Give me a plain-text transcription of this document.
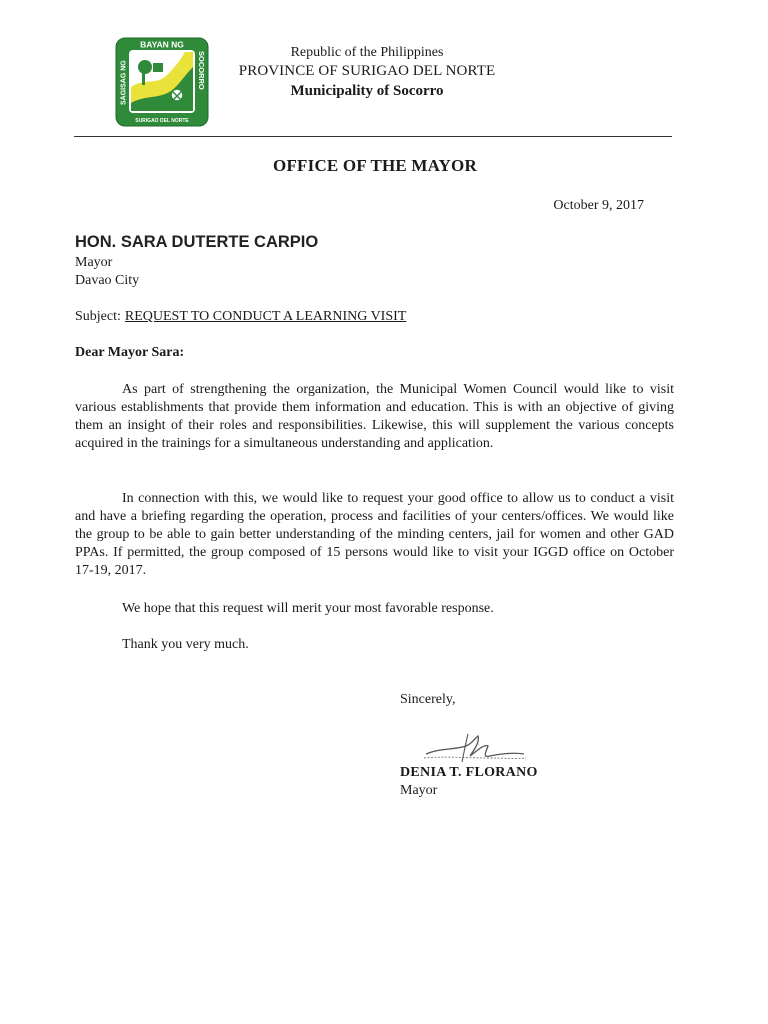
BAYAN NG
SURIGAO DEL NORTE
SAGISAG NG	SOCORRO	Republic of the Philippines
PROVINCE OF SURIGAO DEL NORTE
Municipality of Socorro
OFFICE OF THE MAYOR
October 9, 2017
HON. SARA DUTERTE CARPIO
Mayor
Davao City
Subject: REQUEST TO CONDUCT A LEARNING VISIT
Dear Mayor Sara:

As part of strengthening the organization, the Municipal Women Council would like to visit various establishments that provide them information and education. This is with an objective of giving them an insight of their roles and responsibilities. Likewise, this will supplement the various concepts acquired in the trainings for a simultaneous understanding and application.

In connection with this, we would like to request your good office to allow us to conduct a visit and have a briefing regarding the operation, process and facilities of your centers/offices. We would like the group to be able to gain better understanding of the minding centers, jail for women and other GAD PPAs. If permitted, the group composed of 15 persons would like to visit your IGGD office on October 17-19, 2017.

We hope that this request will merit your most favorable response.

Thank you very much.

Sincerely,
DENIA T. FLORANO
Mayor
